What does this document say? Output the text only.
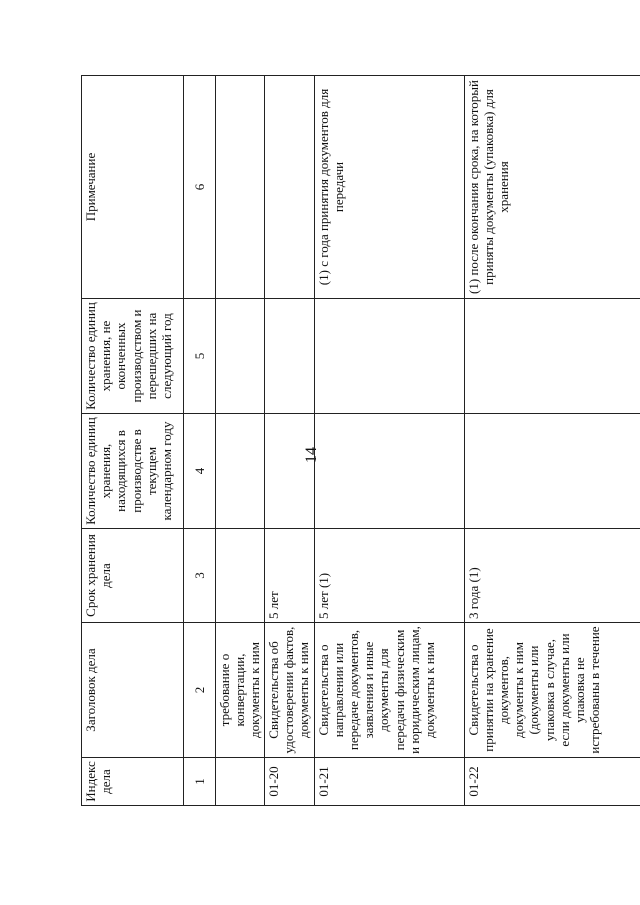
14
Индекс дела	Заголовок дела	Срок хранения дела	Количество единиц хранения, находящихся в производстве в текущем календарном году	Количество единиц хранения, не оконченных производством и перешедших на следующий год	Примечание
1	2	3	4	5	6
	требование о конвертации, документы к ним				
01-20	Свидетельства об удостоверении фактов, документы к ним	5 лет			
01-21	Свидетельства о направлении или передаче документов, заявления и иные документы для передачи физическим и юридическим лицам, документы к ним	5 лет (1)			(1) с года принятия документов для передачи
01-22	Свидетельства о принятии на хранение документов, документы к ним (документы или упаковка в случае, если документы или упаковка не истребованы в течение	3 года (1)			(1) после окончания срока, на который приняты документы (упаковка) для хранения
